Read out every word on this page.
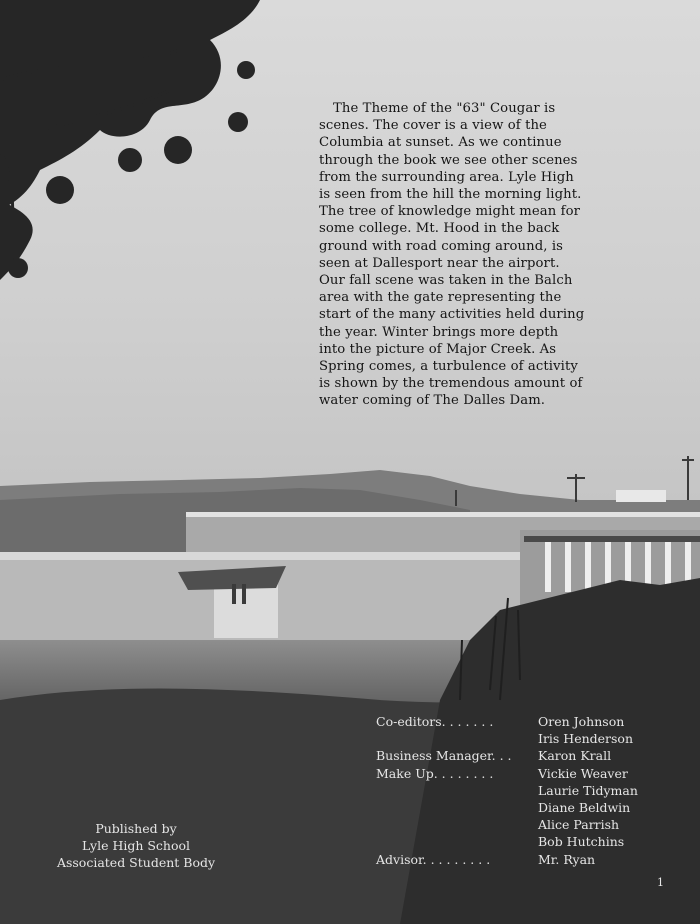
The Theme of the "63" Cougar is
scenes. The cover is a view of the
Columbia at sunset. As we continue
through the book we see other scenes
from the surrounding area. Lyle High
is seen from the hill the morning light.
The tree of knowledge might mean for
some college. Mt. Hood in the back
ground with road coming around, is
seen at Dallesport near the airport.
Our fall scene was taken in the Balch
area with the gate representing the
start of the many activities held during
the year. Winter brings more depth
into the picture of Major Creek. As
Spring comes, a turbulence of activity
is shown by the tremendous amount of
water coming of The Dalles Dam.
Co-editors. . . . . . .	Oren Johnson
Iris Henderson
Business Manager. . . Karon Krall
Make Up. . . . . . . .	Vickie Weaver
Laurie Tidyman
Diane Beldwin
Alice Parrish
Bob Hutchins
Advisor. . . . . . . . .	Mr. Ryan
Published by
Lyle High School
Associated Student Body
1
